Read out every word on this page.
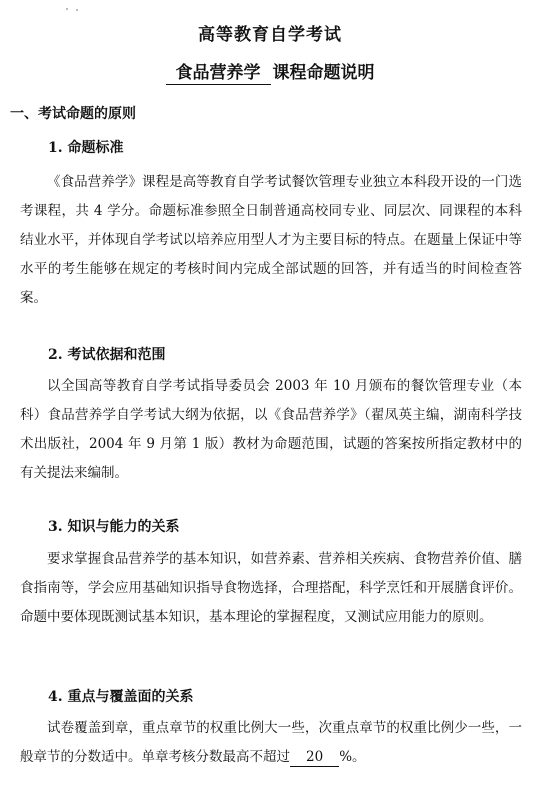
高等教育自学考试
食品营养学 课程命题说明
一、考试命题的原则
1. 命题标准
《食品营养学》课程是高等教育自学考试餐饮管理专业独立本科段开设的一门选考课程，共 4 学分。命题标准参照全日制普通高校同专业、同层次、同课程的本科结业水平，并体现自学考试以培养应用型人才为主要目标的特点。在题量上保证中等水平的考生能够在规定的考核时间内完成全部试题的回答，并有适当的时间检查答案。
2. 考试依据和范围
以全国高等教育自学考试指导委员会 2003 年 10 月颁布的餐饮管理专业（本科）食品营养学自学考试大纲为依据，以《食品营养学》（翟凤英主编，湖南科学技术出版社，2004 年 9 月第 1 版）教材为命题范围，试题的答案按所指定教材中的有关提法来编制。
3. 知识与能力的关系
要求掌握食品营养学的基本知识，如营养素、营养相关疾病、食物营养价值、膳食指南等，学会应用基础知识指导食物选择，合理搭配，科学烹饪和开展膳食评价。命题中要体现既测试基本知识，基本理论的掌握程度，又测试应用能力的原则。
4. 重点与覆盖面的关系
试卷覆盖到章，重点章节的权重比例大一些，次重点章节的权重比例少一些，一般章节的分数适中。单章考核分数最高不超过 20 %。
